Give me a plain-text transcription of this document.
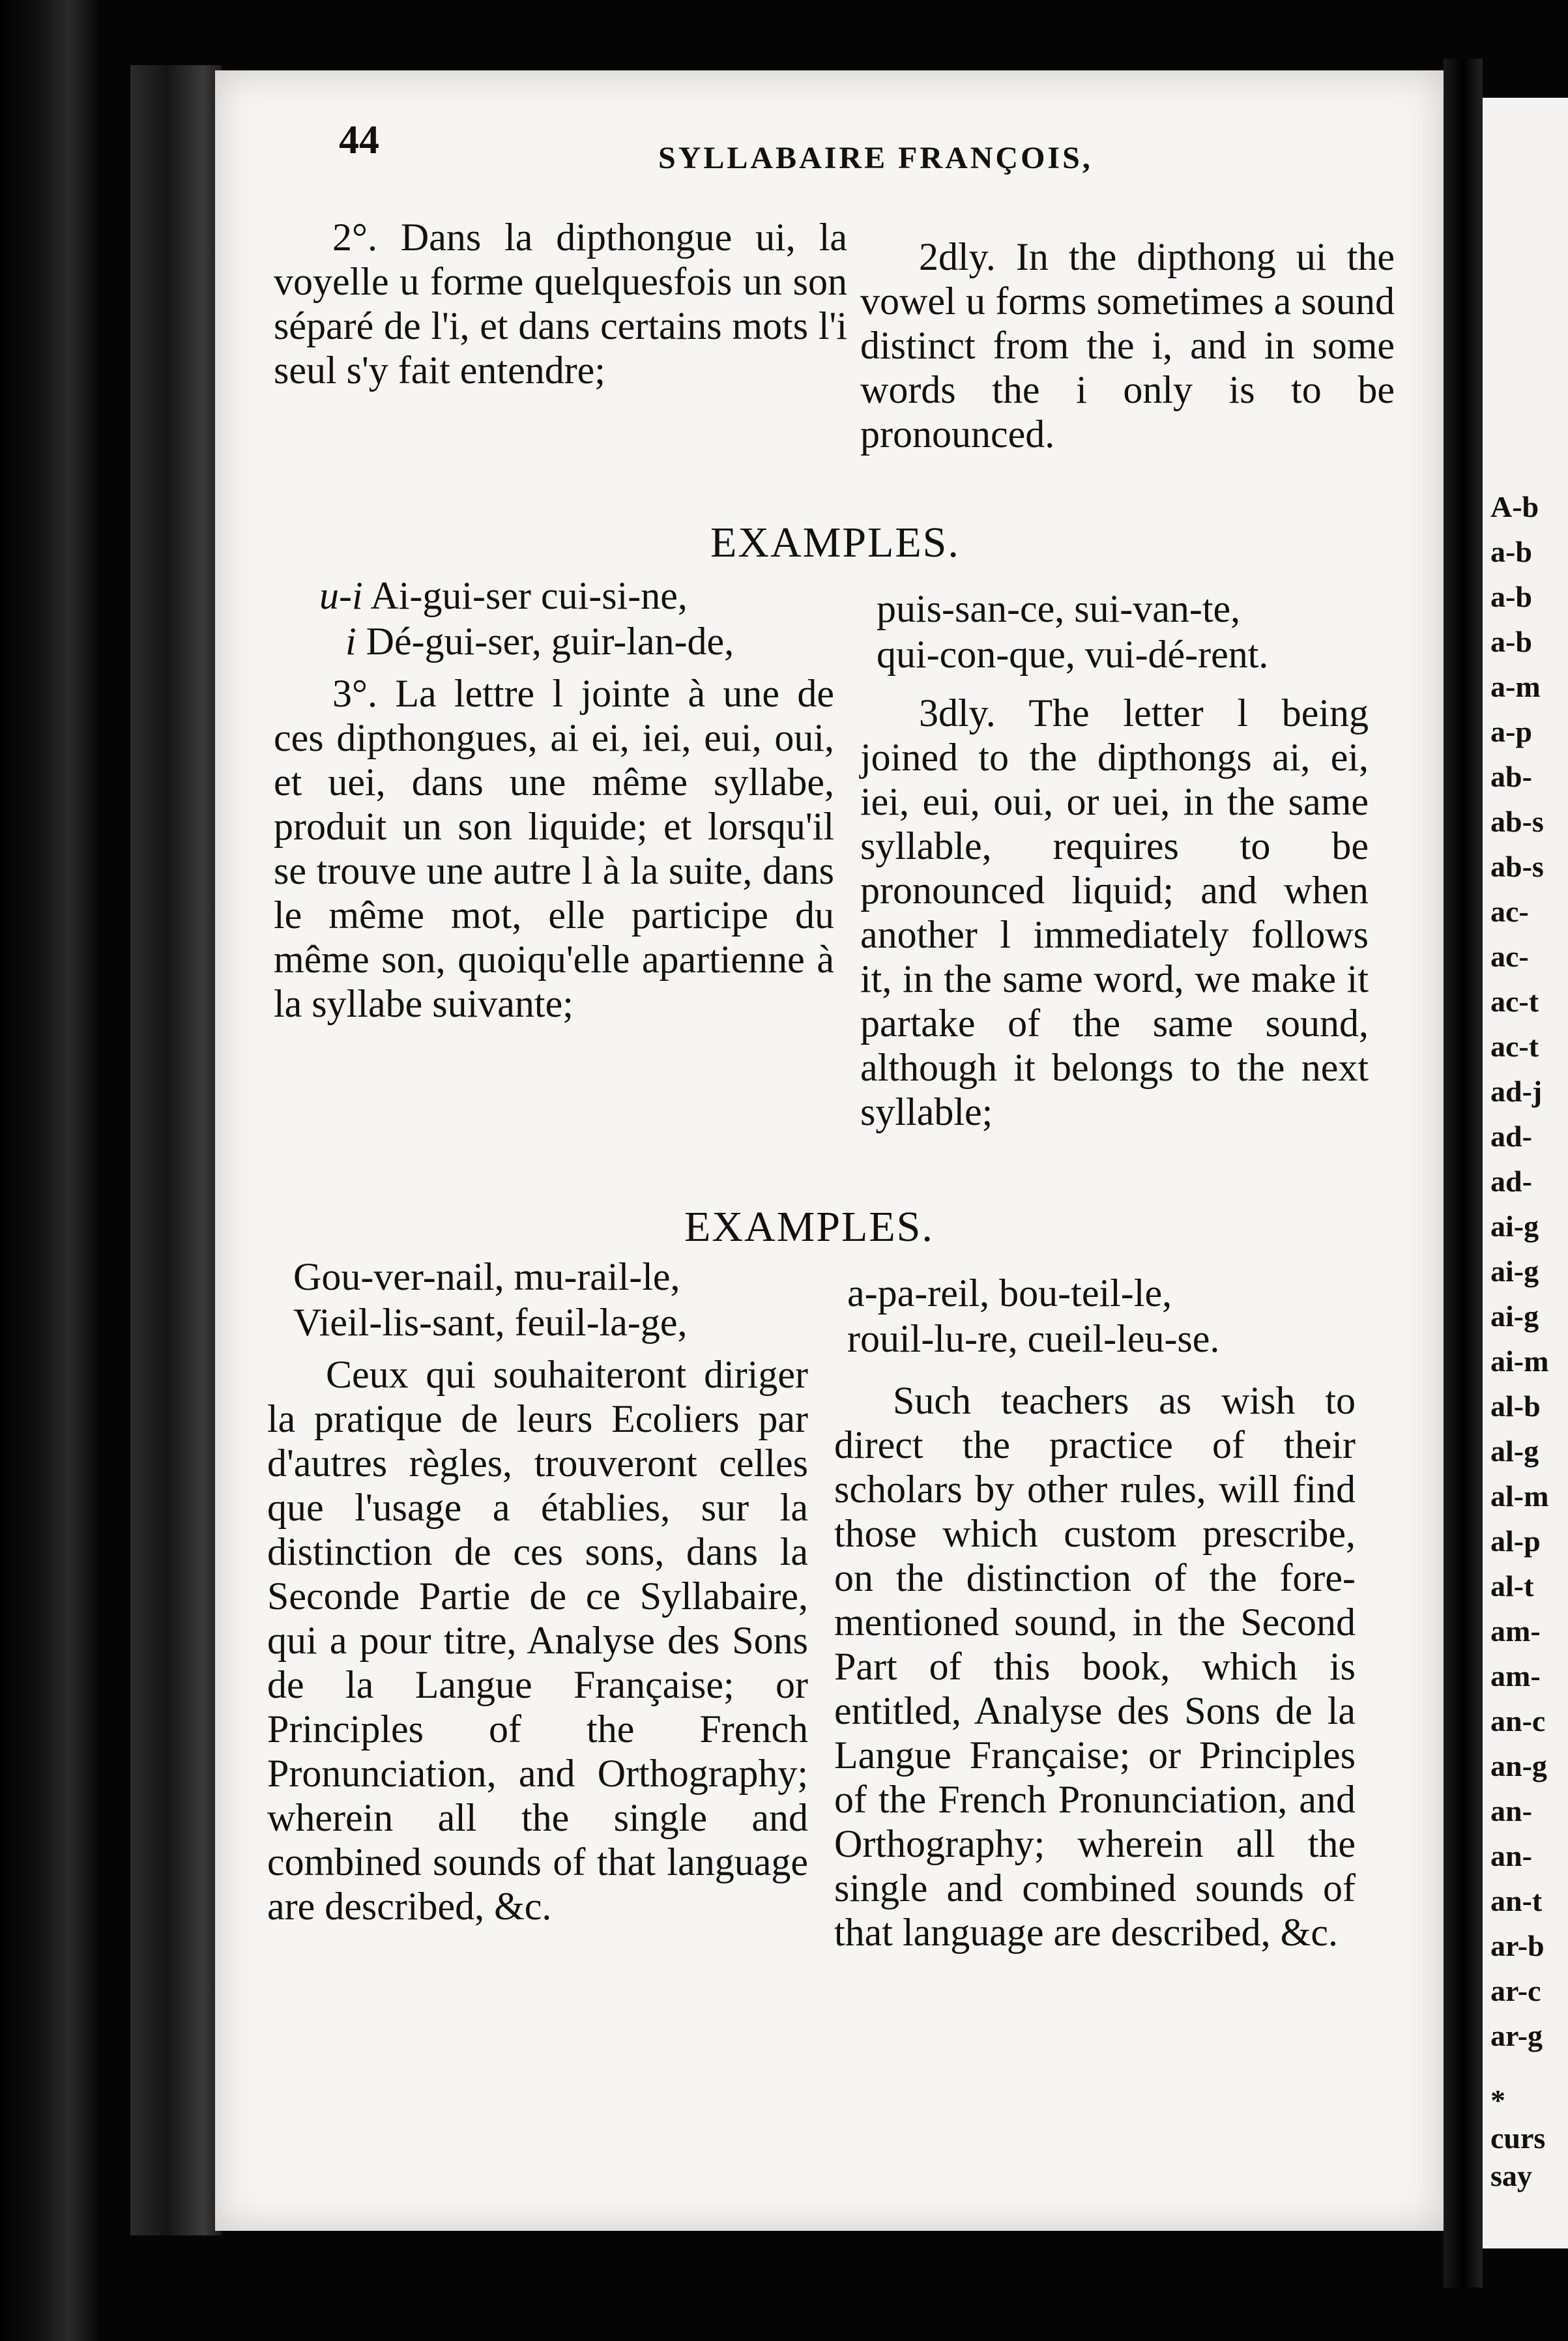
44	SYLLABAIRE FRANÇOIS,

2°. Dans la dipthongue ui, la voyelle u forme quelquesfois un son séparé de l'i, et dans certains mots l'i seul s'y fait entendre;

2dly. In the dipthong ui the vowel u forms sometimes a sound distinct from the i, and in some words the i only is to be pronounced.

EXAMPLES.
u-i Ai-gui-ser cui-si-ne,	puis-san-ce, sui-van-te,
i Dé-gui-ser, guir-lan-de,	qui-con-que, vui-dé-rent.

3°. La lettre l jointe à une de ces dipthongues, ai ei, iei, eui, oui, et uei, dans une même syllabe, produit un son liquide; et lorsqu'il se trouve une autre l à la suite, dans le même mot, elle participe du même son, quoiqu'elle apartienne à la syllabe suivante;

3dly. The letter l being joined to the dipthongs ai, ei, iei, eui, oui, or uei, in the same syllable, requires to be pronounced liquid; and when another l immediately follows it, in the same word, we make it partake of the same sound, although it belongs to the next syllable;

EXAMPLES.
Gou-ver-nail, mu-rail-le,	a-pa-reil, bou-teil-le,
Vieil-lis-sant, feuil-la-ge,	rouil-lu-re, cueil-leu-se.

Ceux qui souhaiteront diriger la pratique de leurs Ecoliers par d'autres règles, trouveront celles que l'usage a établies, sur la distinction de ces sons, dans la Seconde Partie de ce Syllabaire, qui a pour titre, Analyse des Sons de la Langue Française; or Principles of the French Pronunciation, and Orthography; wherein all the single and combined sounds of that language are described, &c.

Such teachers as wish to direct the practice of their scholars by other rules, will find those which custom prescribe, on the distinction of the fore-mentioned sound, in the Second Part of this book, which is entitled, Analyse des Sons de la Langue Française; or Principles of the French Pronunciation, and Orthography; wherein all the single and combined sounds of that language are described, &c.

A-b
a-b
a-b
a-b
a-m
a-p
ab-
ab-s
ab-s
ac-
ac-
ac-t
ac-t
ad-j
ad-
ad-
ai-g
ai-g
ai-g
ai-m
al-b
al-g
al-m
al-p
al-t
am-
am-
an-c
an-g
an-
an-
an-t
ar-b
ar-c
ar-g
*
curs
say
